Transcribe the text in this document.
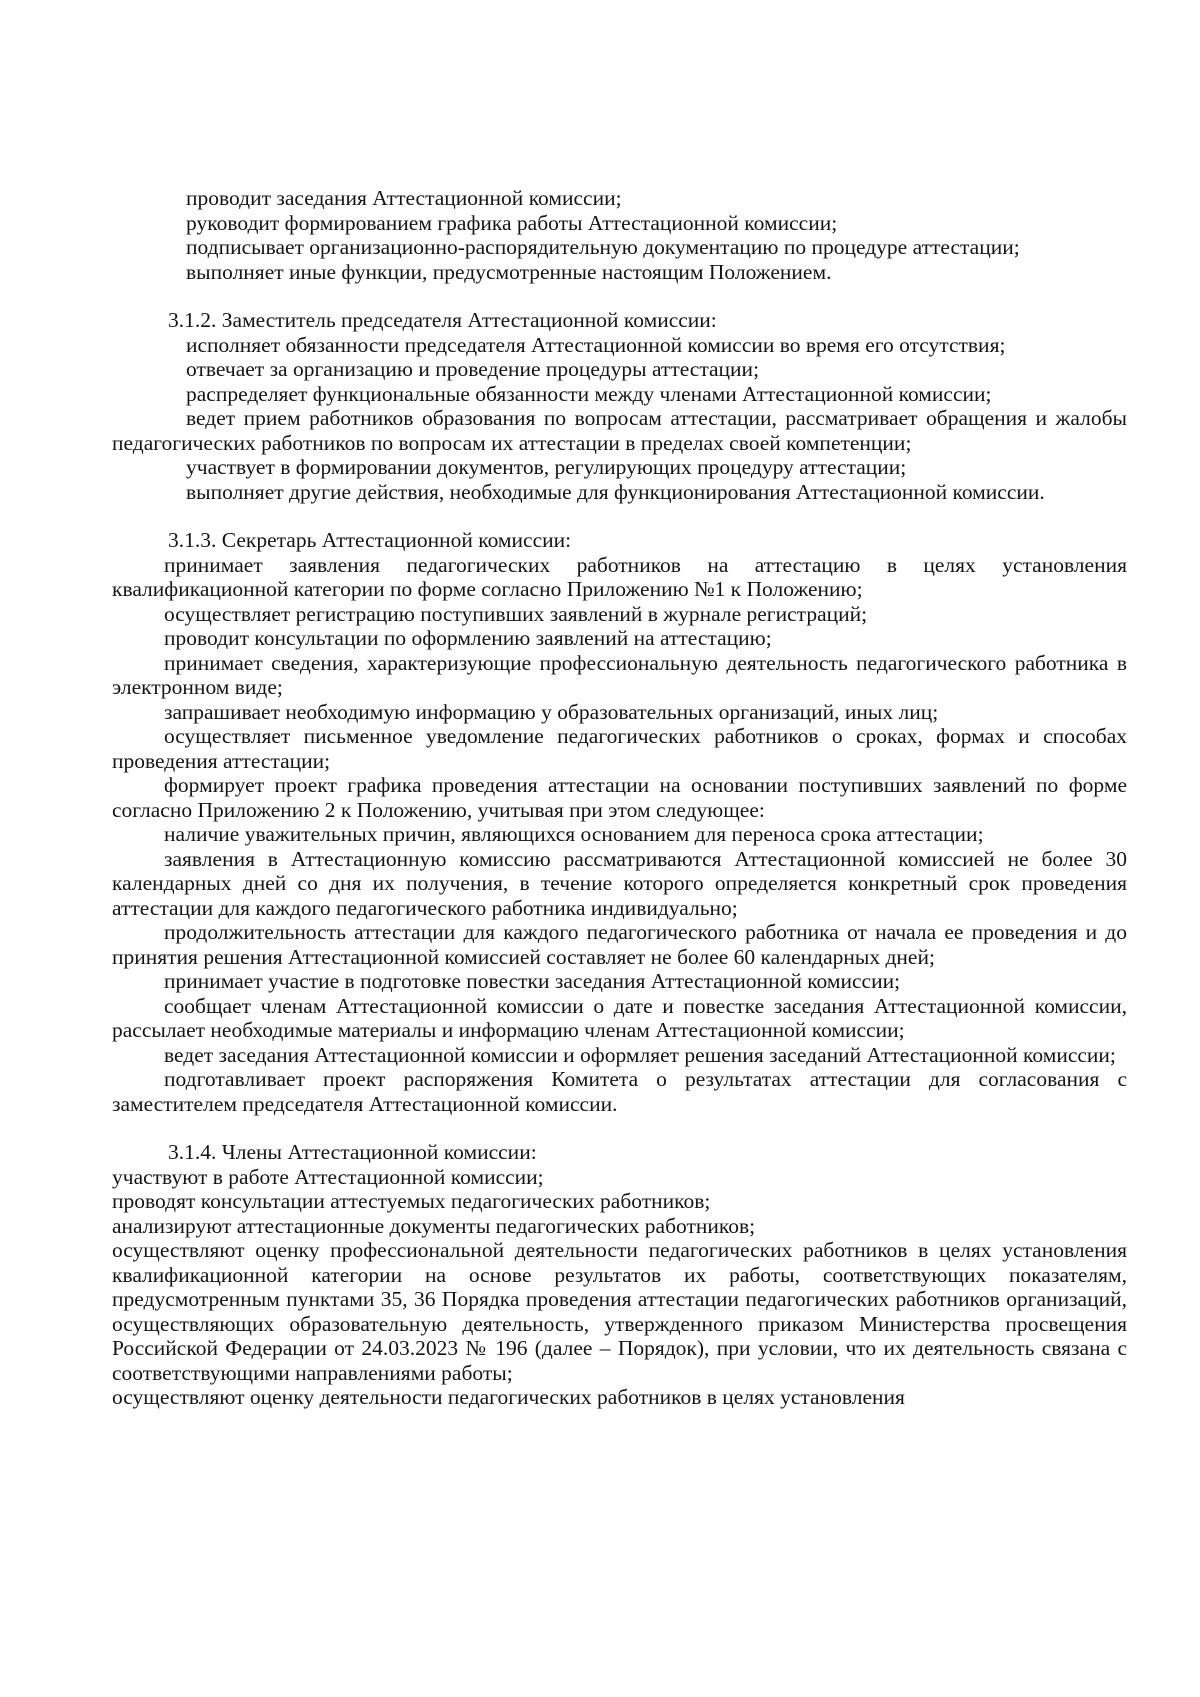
проводит заседания Аттестационной комиссии;

руководит формированием графика работы Аттестационной комиссии;

подписывает организационно-распорядительную документацию по процедуре аттестации;

выполняет иные функции, предусмотренные настоящим Положением.

3.1.2. Заместитель председателя Аттестационной комиссии:

исполняет обязанности председателя Аттестационной комиссии во время его отсутствия;

отвечает за организацию и проведение процедуры аттестации;

распределяет функциональные обязанности между членами Аттестационной комиссии;

ведет прием работников образования по вопросам аттестации, рассматривает обращения и жалобы педагогических работников по вопросам их аттестации в пределах своей компетенции;

участвует в формировании документов, регулирующих процедуру аттестации;

выполняет другие действия, необходимые для функционирования Аттестационной комиссии.

3.1.3. Секретарь Аттестационной комиссии:

принимает заявления педагогических работников на аттестацию в целях установления квалификационной категории по форме согласно Приложению №1 к Положению;

осуществляет регистрацию поступивших заявлений в журнале регистраций;

проводит консультации по оформлению заявлений на аттестацию;

принимает сведения, характеризующие профессиональную деятельность педагогического работника в электронном виде;

запрашивает необходимую информацию у образовательных организаций, иных лиц;

осуществляет письменное уведомление педагогических работников о сроках, формах и способах проведения аттестации;

формирует проект графика проведения аттестации на основании поступивших заявлений по форме согласно Приложению 2 к Положению, учитывая при этом следующее:

наличие уважительных причин, являющихся основанием для переноса срока аттестации;

заявления в Аттестационную комиссию рассматриваются Аттестационной комиссией не более 30 календарных дней со дня их получения, в течение которого определяется конкретный срок проведения аттестации для каждого педагогического работника индивидуально;

продолжительность аттестации для каждого педагогического работника от начала ее проведения и до принятия решения Аттестационной комиссией составляет не более 60 календарных дней;

принимает участие в подготовке повестки заседания Аттестационной комиссии;

сообщает членам Аттестационной комиссии о дате и повестке заседания Аттестационной комиссии, рассылает необходимые материалы и информацию членам Аттестационной комиссии;

ведет заседания Аттестационной комиссии и оформляет решения заседаний Аттестационной комиссии;

подготавливает проект распоряжения Комитета о результатах аттестации для согласования с заместителем председателя Аттестационной комиссии.

3.1.4. Члены Аттестационной комиссии:

участвуют в работе Аттестационной комиссии;

проводят консультации аттестуемых педагогических работников;

анализируют аттестационные документы педагогических работников;

осуществляют оценку профессиональной деятельности педагогических работников в целях установления квалификационной категории на основе результатов их работы, соответствующих показателям, предусмотренным пунктами 35, 36 Порядка проведения аттестации педагогических работников организаций, осуществляющих образовательную деятельность, утвержденного приказом Министерства просвещения Российской Федерации от 24.03.2023 № 196 (далее – Порядок), при условии, что их деятельность связана с соответствующими направлениями работы;

осуществляют оценку деятельности педагогических работников в целях установления
